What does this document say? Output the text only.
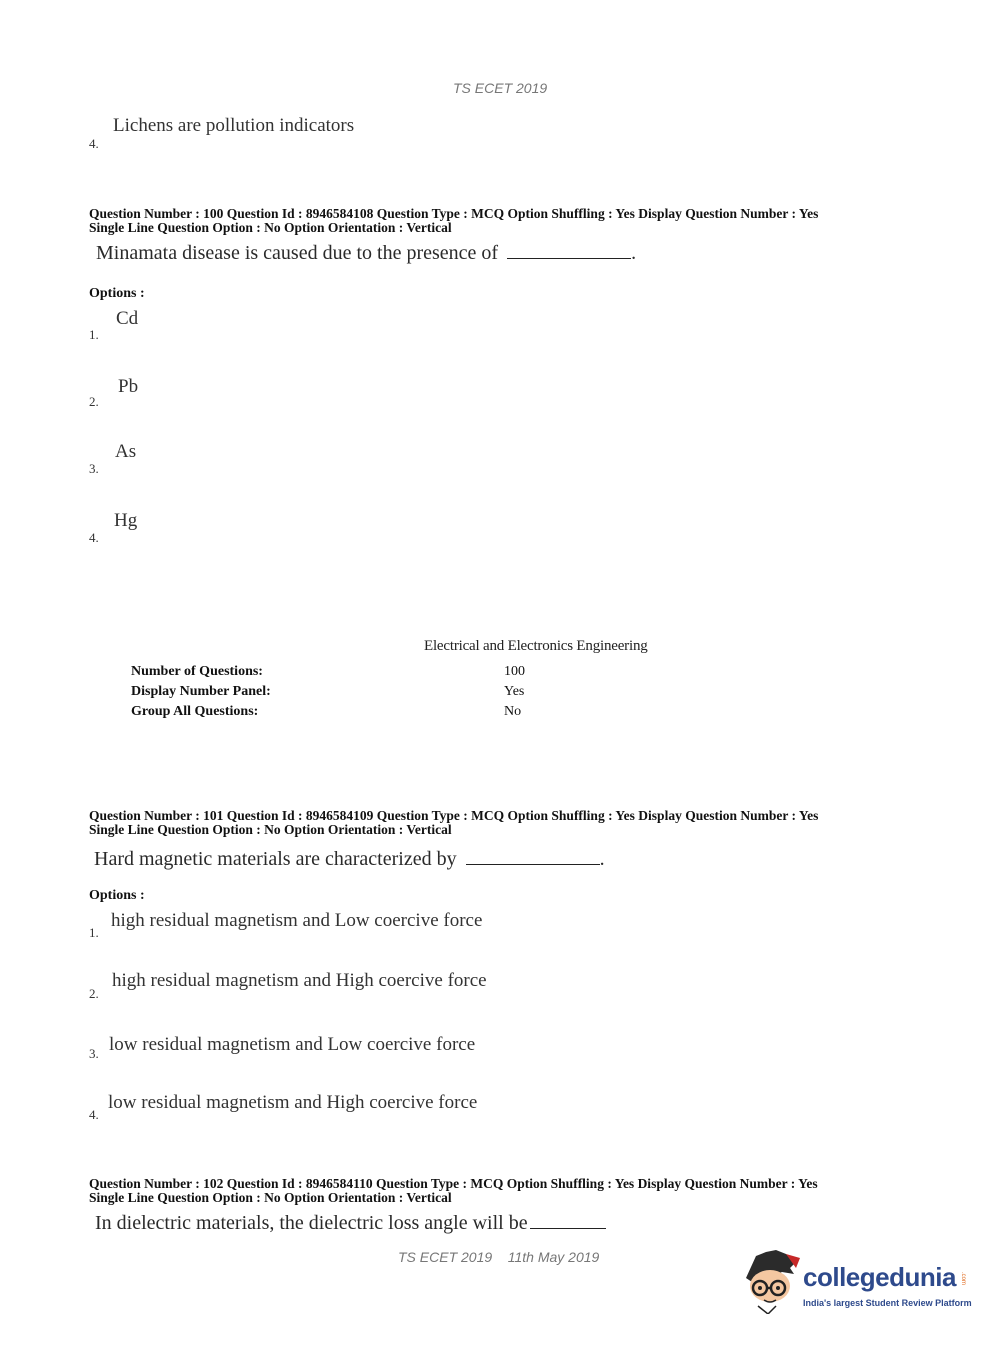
TS ECET 2019
4.
Lichens are pollution indicators
Question Number : 100 Question Id : 8946584108 Question Type : MCQ Option Shuffling : Yes Display Question Number : Yes
Single Line Question Option : No Option Orientation : Vertical
Minamata disease is caused due to the presence of	.
Options :
1.
Cd
2.
Pb
3.
As
4.
Hg
Electrical and Electronics Engineering
Number of Questions:	100
Display Number Panel:	Yes
Group All Questions:	No
Question Number : 101 Question Id : 8946584109 Question Type : MCQ Option Shuffling : Yes Display Question Number : Yes
Single Line Question Option : No Option Orientation : Vertical
Hard magnetic materials are characterized by	.
Options :
1.
high residual magnetism and Low coercive force
2.
high residual magnetism and High coercive force
3. low residual magnetism and Low coercive force
4.
low residual magnetism and High coercive force
Question Number : 102 Question Id : 8946584110 Question Type : MCQ Option Shuffling : Yes Display Question Number : Yes
Single Line Question Option : No Option Orientation : Vertical
In dielectric materials, the dielectric loss angle will be
TS ECET 2019 11th May 2019
collegedunia .com
India's largest Student Review Platform
